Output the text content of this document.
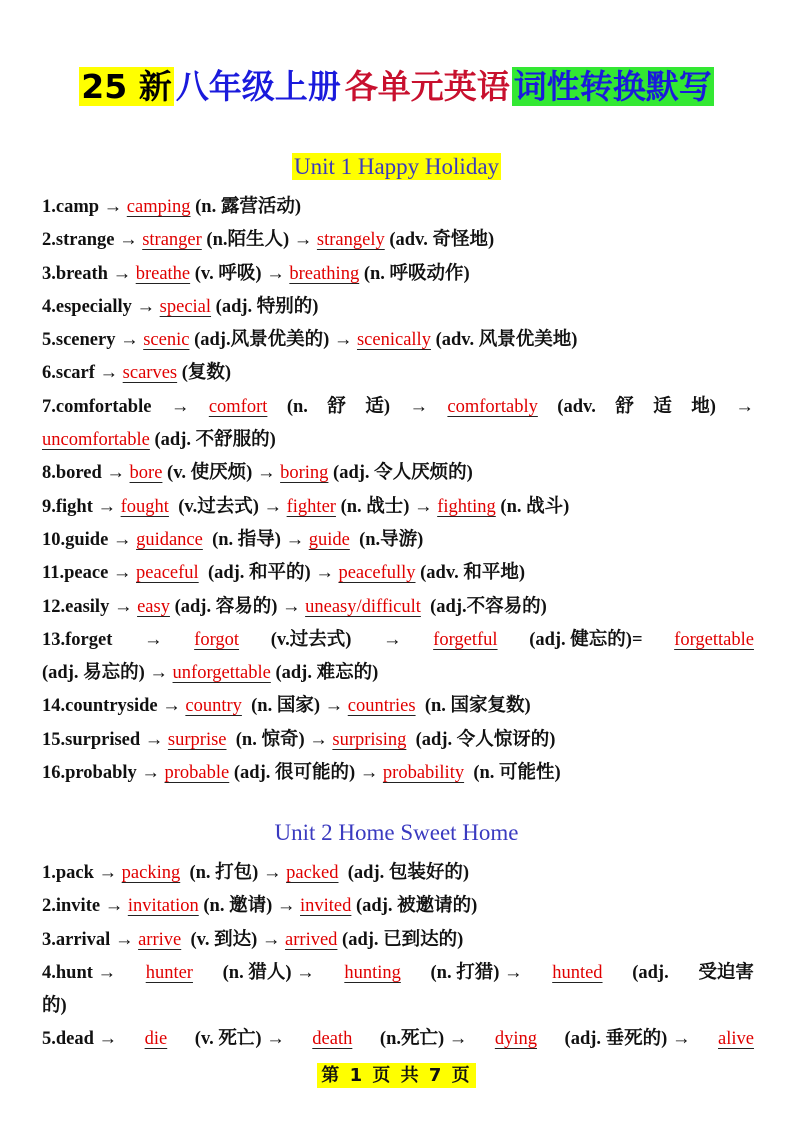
25 新 八年级上册 各单元英语 词性转换默写
Unit 1 Happy Holiday
1.camp → camping (n. 露营活动)
2.strange → stranger (n.陌生人) → strangely (adv. 奇怪地)
3.breath → breathe (v. 呼吸) → breathing (n. 呼吸动作)
4.especially → special (adj. 特别的)
5.scenery → scenic (adj.风景优美的) → scenically (adv. 风景优美地)
6.scarf → scarves (复数)
7.comfortable → comfort (n. 舒 适) → comfortably (adv. 舒 适 地) →
uncomfortable (adj. 不舒服的)
8.bored → bore (v. 使厌烦) → boring (adj. 令人厌烦的)
9.fight → fought  (v.过去式) → fighter (n. 战士) → fighting (n. 战斗)
10.guide → guidance  (n. 指导) → guide  (n.导游)
11.peace → peaceful  (adj. 和平的) → peacefully (adv. 和平地)
12.easily → easy (adj. 容易的) → uneasy/difficult  (adj.不容易的)
13.forget → forgot (v.过去式) → forgetful (adj. 健忘的)= forgettable
(adj. 易忘的) → unforgettable (adj. 难忘的)
14.countryside → country  (n. 国家) → countries  (n. 国家复数)
15.surprised → surprise  (n. 惊奇) → surprising  (adj. 令人惊讶的)
16.probably → probable (adj. 很可能的) → probability  (n. 可能性)
Unit 2 Home Sweet Home
1.pack → packing  (n. 打包) → packed  (adj. 包装好的)
2.invite → invitation (n. 邀请) → invited (adj. 被邀请的)
3.arrival → arrive  (v. 到达) → arrived (adj. 已到达的)
4.hunt → hunter (n. 猎人) → hunting (n. 打猎) → hunted (adj. 受迫害
的)
5.dead → die (v. 死亡) → death (n.死亡) → dying (adj. 垂死的) → alive
第 1 页 共 7 页
